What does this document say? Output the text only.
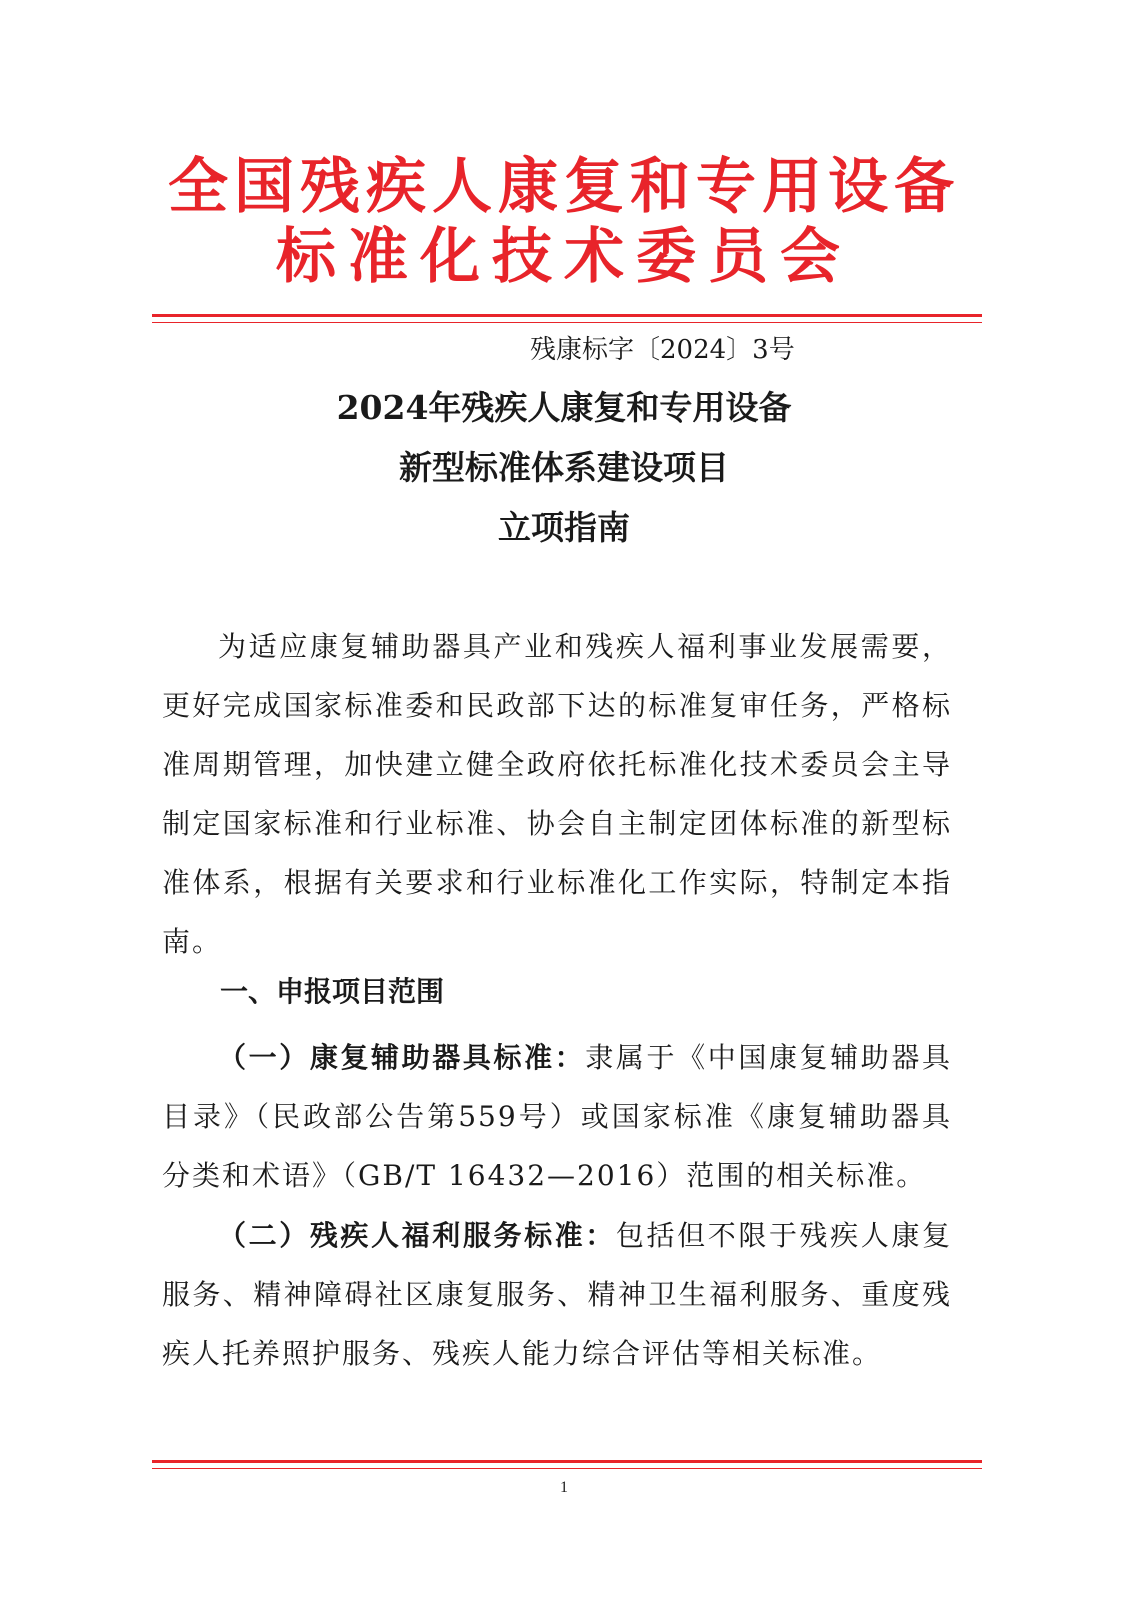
全国残疾人康复和专用设备
标准化技术委员会
残康标字〔2024〕3号
2024年残疾人康复和专用设备
新型标准体系建设项目
立项指南

为适应康复辅助器具产业和残疾人福利事业发展需要，更好完成国家标准委和民政部下达的标准复审任务，严格标准周期管理，加快建立健全政府依托标准化技术委员会主导制定国家标准和行业标准、协会自主制定团体标准的新型标准体系，根据有关要求和行业标准化工作实际，特制定本指南。

一、申报项目范围

（一）康复辅助器具标准：隶属于《中国康复辅助器具目录》（民政部公告第559号）或国家标准《康复辅助器具分类和术语》（GB/T 16432—2016）范围的相关标准。

（二）残疾人福利服务标准：包括但不限于残疾人康复服务、精神障碍社区康复服务、精神卫生福利服务、重度残疾人托养照护服务、残疾人能力综合评估等相关标准。

1
